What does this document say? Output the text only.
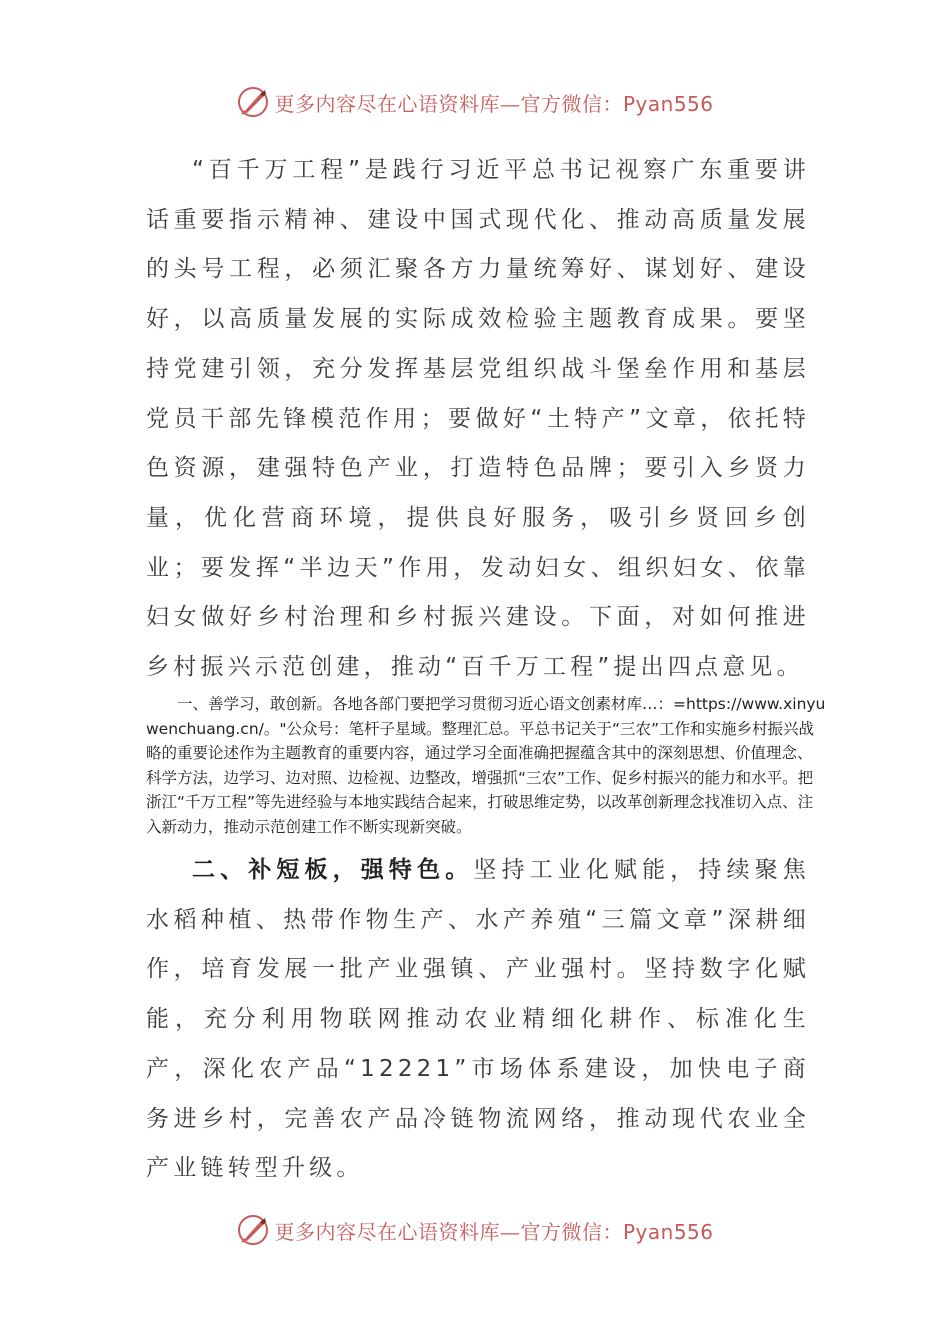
更多内容尽在心语资料库—官方微信：Pyan556

“百千万工程”是践行习近平总书记视察广东重要讲话重要指示精神、建设中国式现代化、推动高质量发展的头号工程，必须汇聚各方力量统筹好、谋划好、建设好，以高质量发展的实际成效检验主题教育成果。要坚持党建引领，充分发挥基层党组织战斗堡垒作用和基层党员干部先锋模范作用；要做好“土特产”文章，依托特色资源，建强特色产业，打造特色品牌；要引入乡贤力量，优化营商环境，提供良好服务，吸引乡贤回乡创业；要发挥“半边天”作用，发动妇女、组织妇女、依靠妇女做好乡村治理和乡村振兴建设。下面，对如何推进乡村振兴示范创建，推动“百千万工程”提出四点意见。

一、善学习，敢创新。各地各部门要把学习贯彻习近心语文创素材库…：=https://www.xinyuwenchuang.cn/。"公众号：笔杆子星域。整理汇总。平总书记关于“三农”工作和实施乡村振兴战略的重要论述作为主题教育的重要内容，通过学习全面准确把握蕴含其中的深刻思想、价值理念、科学方法，边学习、边对照、边检视、边整改，增强抓“三农”工作、促乡村振兴的能力和水平。把浙江“千万工程”等先进经验与本地实践结合起来，打破思维定势，以改革创新理念找准切入点、注入新动力，推动示范创建工作不断实现新突破。

二、补短板，强特色。坚持工业化赋能，持续聚焦水稻种植、热带作物生产、水产养殖“三篇文章”深耕细作，培育发展一批产业强镇、产业强村。坚持数字化赋能，充分利用物联网推动农业精细化耕作、标准化生产，深化农产品“12221”市场体系建设，加快电子商务进乡村，完善农产品冷链物流网络，推动现代农业全产业链转型升级。

更多内容尽在心语资料库—官方微信：Pyan556
